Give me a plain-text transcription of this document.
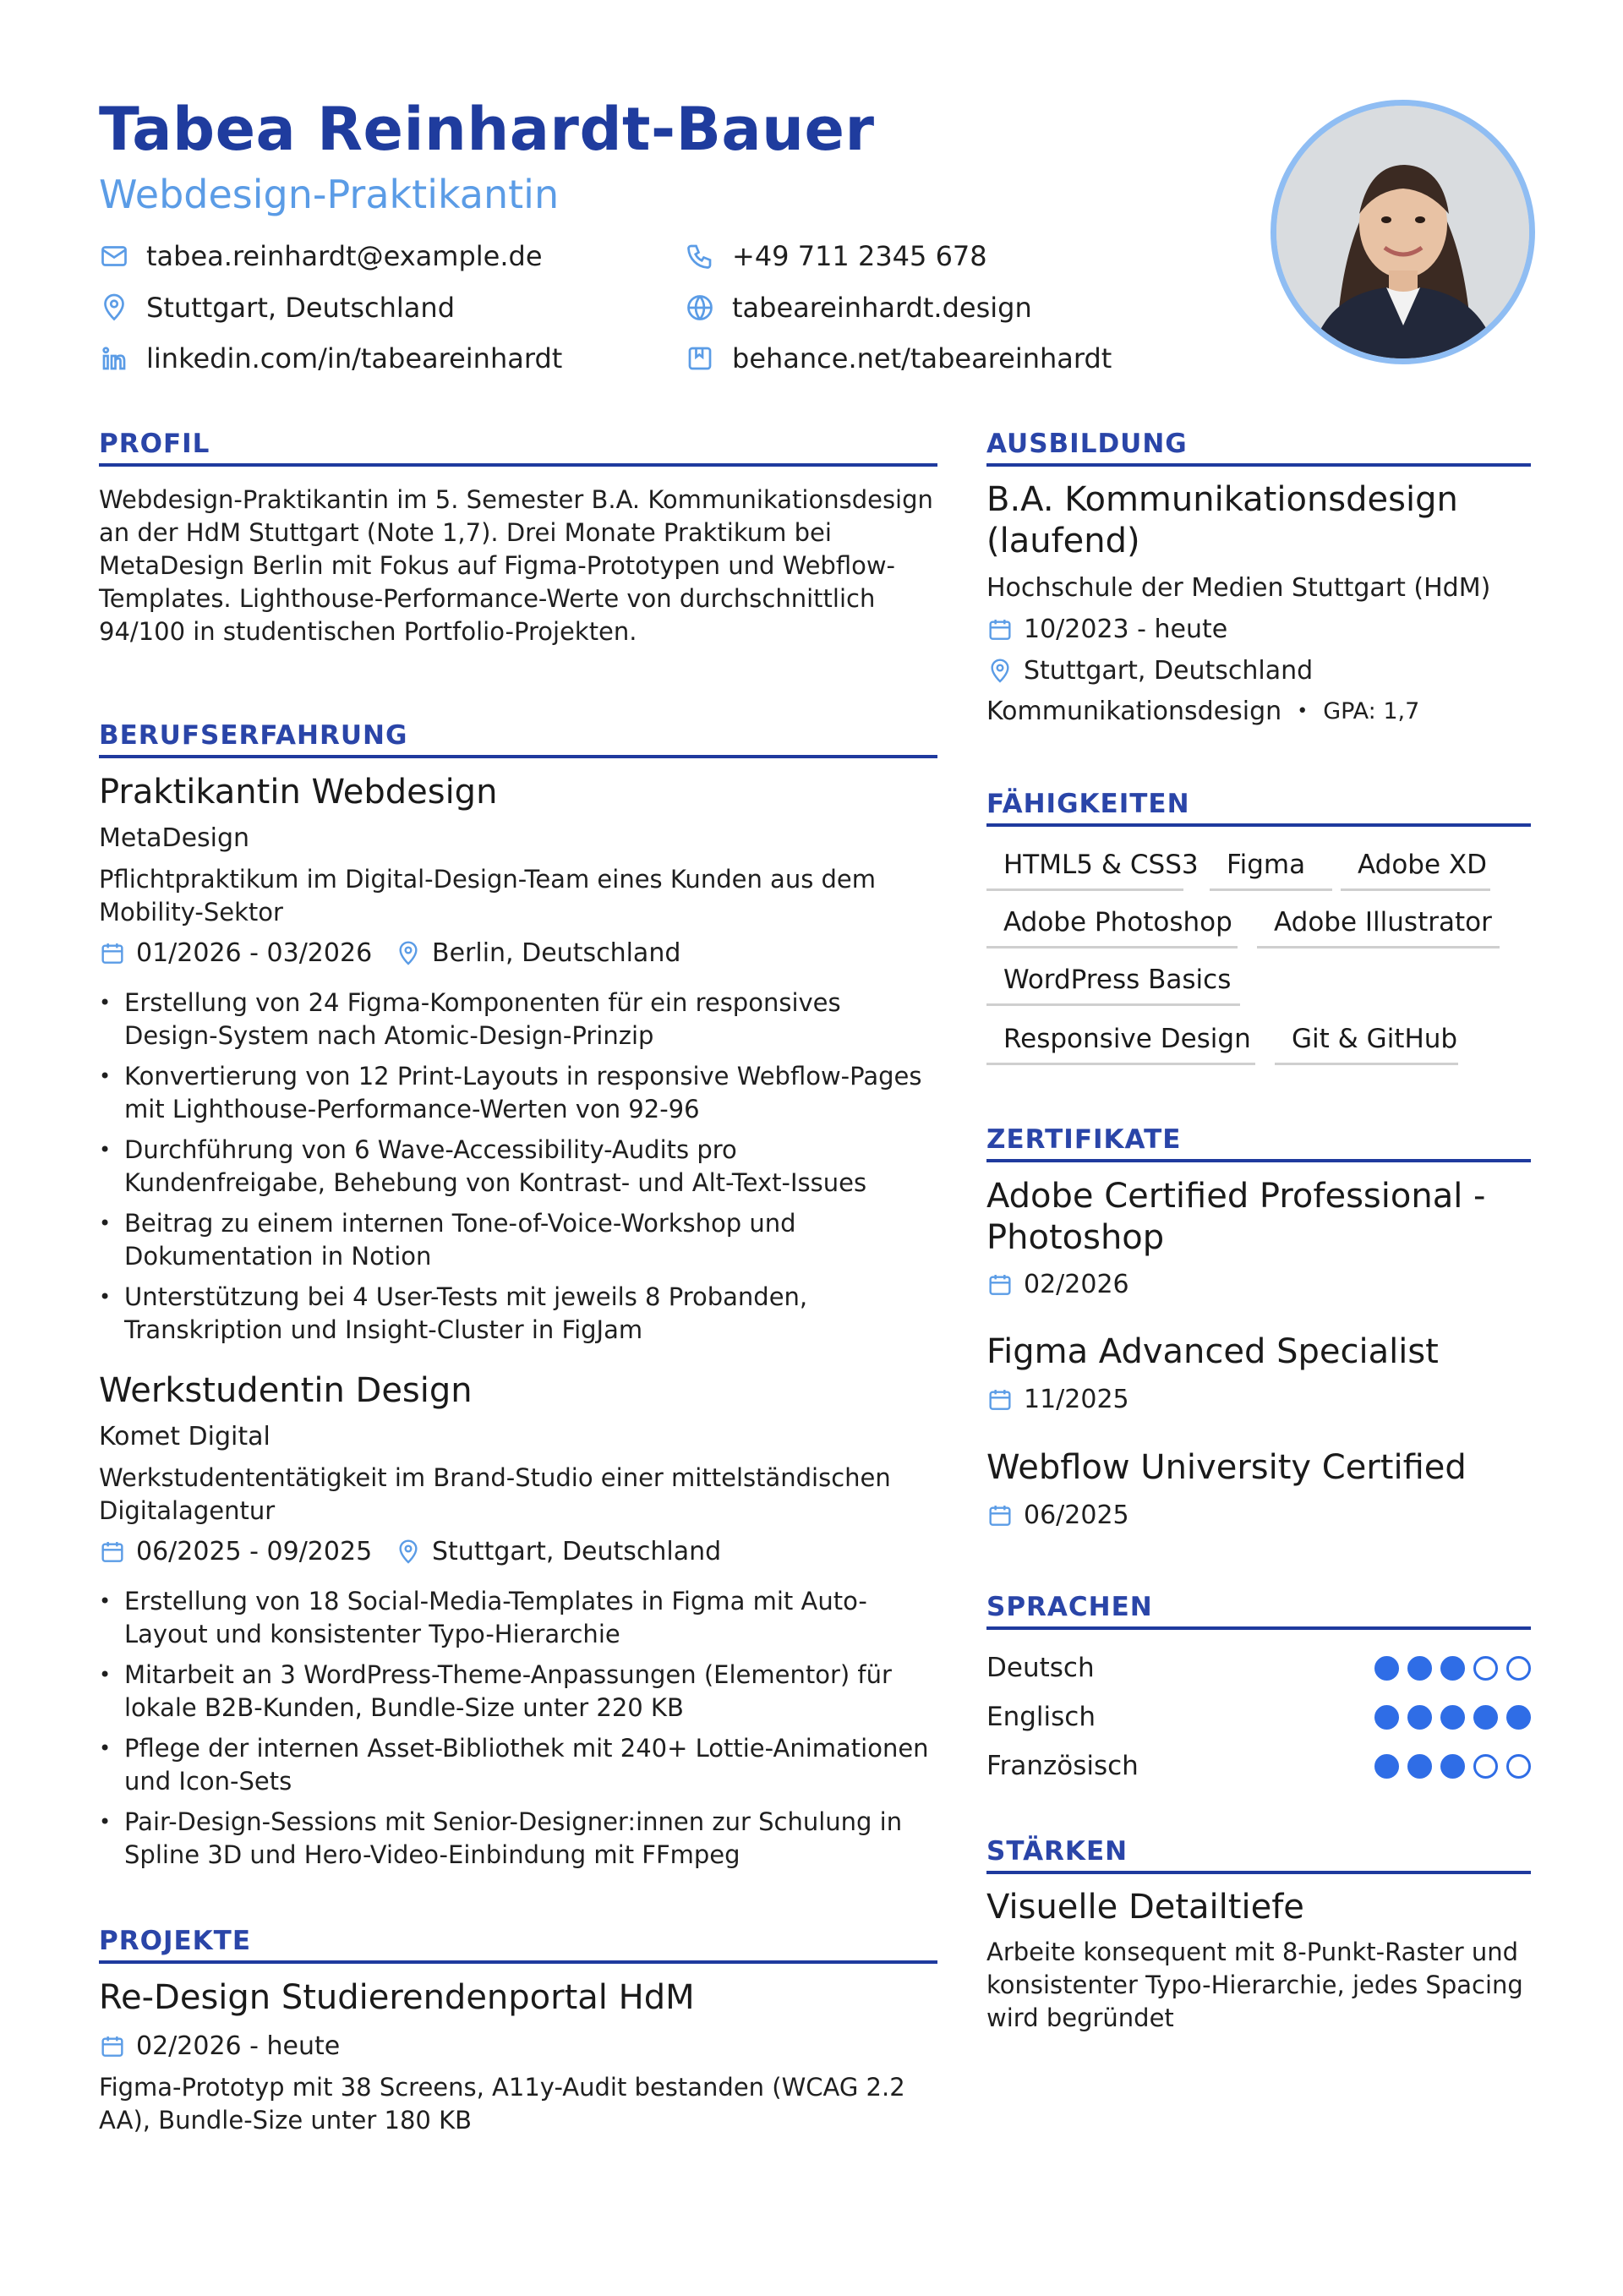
Tabea Reinhardt-Bauer
Webdesign-Praktikantin
tabea.reinhardt@example.de	+49 711 2345 678
Stuttgart, Deutschland	tabeareinhardt.design
linkedin.com/in/tabeareinhardt	behance.net/tabeareinhardt
PROFIL
Webdesign-Praktikantin im 5. Semester B.A. Kommunikationsdesign an der HdM Stuttgart (Note 1,7). Drei Monate Praktikum bei MetaDesign Berlin mit Fokus auf Figma-Prototypen und Webflow-Templates. Lighthouse-Performance-Werte von durchschnittlich 94/100 in studentischen Portfolio-Projekten.
BERUFSERFAHRUNG
Praktikantin Webdesign
MetaDesign
Pflichtpraktikum im Digital-Design-Team eines Kunden aus dem Mobility-Sektor
01/2026 - 03/2026 Berlin, Deutschland
• Erstellung von 24 Figma-Komponenten für ein responsives Design-System nach Atomic-Design-Prinzip
• Konvertierung von 12 Print-Layouts in responsive Webflow-Pages mit Lighthouse-Performance-Werten von 92-96
• Durchführung von 6 Wave-Accessibility-Audits pro Kundenfreigabe, Behebung von Kontrast- und Alt-Text-Issues
• Beitrag zu einem internen Tone-of-Voice-Workshop und Dokumentation in Notion
• Unterstützung bei 4 User-Tests mit jeweils 8 Probanden, Transkription und Insight-Cluster in FigJam
Werkstudentin Design
Komet Digital
Werkstudententätigkeit im Brand-Studio einer mittelständischen Digitalagentur
06/2025 - 09/2025 Stuttgart, Deutschland
• Erstellung von 18 Social-Media-Templates in Figma mit Auto-Layout und konsistenter Typo-Hierarchie
• Mitarbeit an 3 WordPress-Theme-Anpassungen (Elementor) für lokale B2B-Kunden, Bundle-Size unter 220 KB
• Pflege der internen Asset-Bibliothek mit 240+ Lottie-Animationen und Icon-Sets
• Pair-Design-Sessions mit Senior-Designer:innen zur Schulung in Spline 3D und Hero-Video-Einbindung mit FFmpeg
PROJEKTE
Re-Design Studierendenportal HdM
02/2026 - heute
Figma-Prototyp mit 38 Screens, A11y-Audit bestanden (WCAG 2.2 AA), Bundle-Size unter 180 KB
AUSBILDUNG
B.A. Kommunikationsdesign
(laufend)
Hochschule der Medien Stuttgart (HdM)
10/2023 - heute
Stuttgart, Deutschland
Kommunikationsdesign • GPA: 1,7
FÄHIGKEITEN
HTML5 & CSS3	Figma	Adobe XD
Adobe Photoshop	Adobe Illustrator
WordPress Basics
Responsive Design	Git & GitHub
ZERTIFIKATE
Adobe Certified Professional -
Photoshop
02/2026
Figma Advanced Specialist
11/2025
Webflow University Certified
06/2025
SPRACHEN
Deutsch
Englisch
Französisch
STÄRKEN
Visuelle Detailtiefe
Arbeite konsequent mit 8-Punkt-Raster und konsistenter Typo-Hierarchie, jedes Spacing wird begründet
